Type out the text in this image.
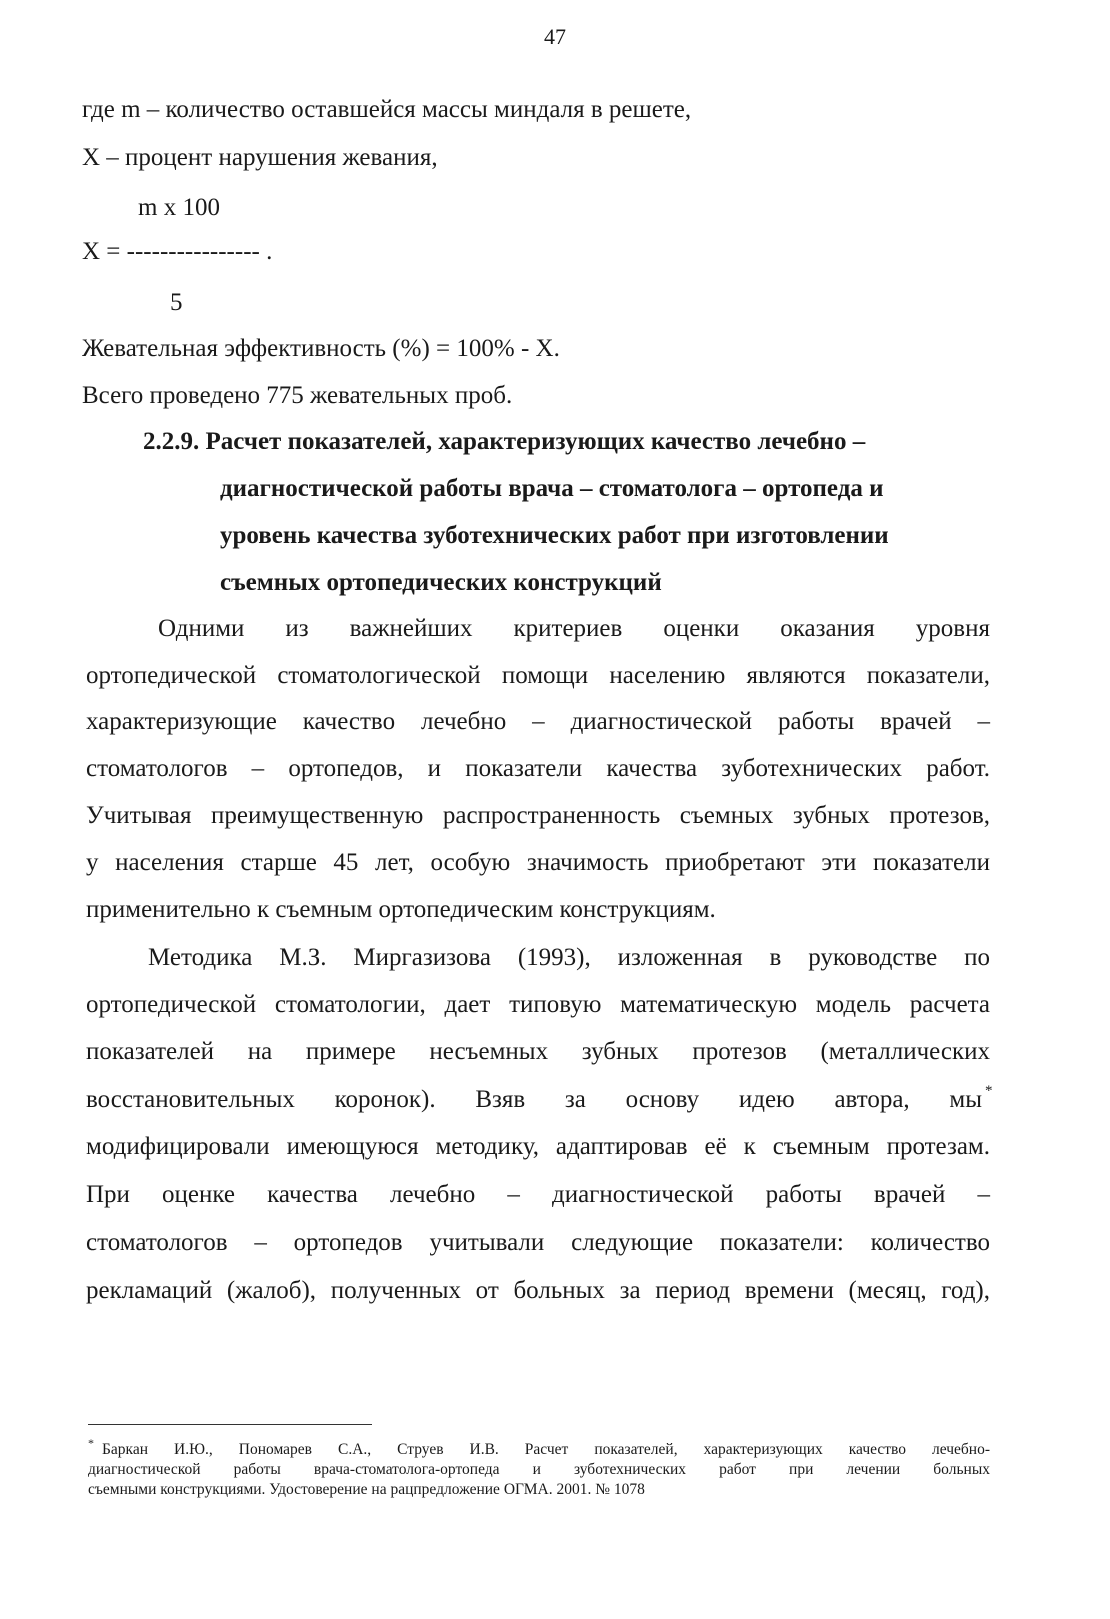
47
где m – количество оставшейся массы миндаля в решете,
Х – процент нарушения жевания,
m x 100
Х = ---------------- .
5
Жевательная эффективность (%) = 100% - Х.
Всего проведено 775 жевательных проб.
2.2.9. Расчет показателей, характеризующих качество лечебно –
диагностической работы врача – стоматолога – ортопеда и
уровень качества зуботехнических работ при изготовлении
съемных ортопедических конструкций
Одними из важнейших критериев оценки оказания уровня
ортопедической стоматологической помощи населению являются показатели,
характеризующие качество лечебно – диагностической работы врачей –
стоматологов – ортопедов, и показатели качества зуботехнических работ.
Учитывая преимущественную распространенность съемных зубных протезов,
у населения старше 45 лет, особую значимость приобретают эти показатели
применительно к съемным ортопедическим конструкциям.
Методика М.З. Миргазизова (1993), изложенная в руководстве по
ортопедической стоматологии, дает типовую математическую модель расчета
показателей на примере несъемных зубных протезов (металлических
восстановительных коронок). Взяв за основу идею автора, мы *
модифицировали имеющуюся методику, адаптировав её к съемным протезам.
При оценке качества лечебно – диагностической работы врачей –
стоматологов – ортопедов учитывали следующие показатели: количество
рекламаций (жалоб), полученных от больных за период времени (месяц, год),
* Баркан И.Ю., Пономарев С.А., Струев И.В. Расчет показателей, характеризующих качество лечебно-
диагностической работы врача-стоматолога-ортопеда и зуботехнических работ при лечении больных
съемными конструкциями. Удостоверение на рацпредложение ОГМА. 2001. № 1078
